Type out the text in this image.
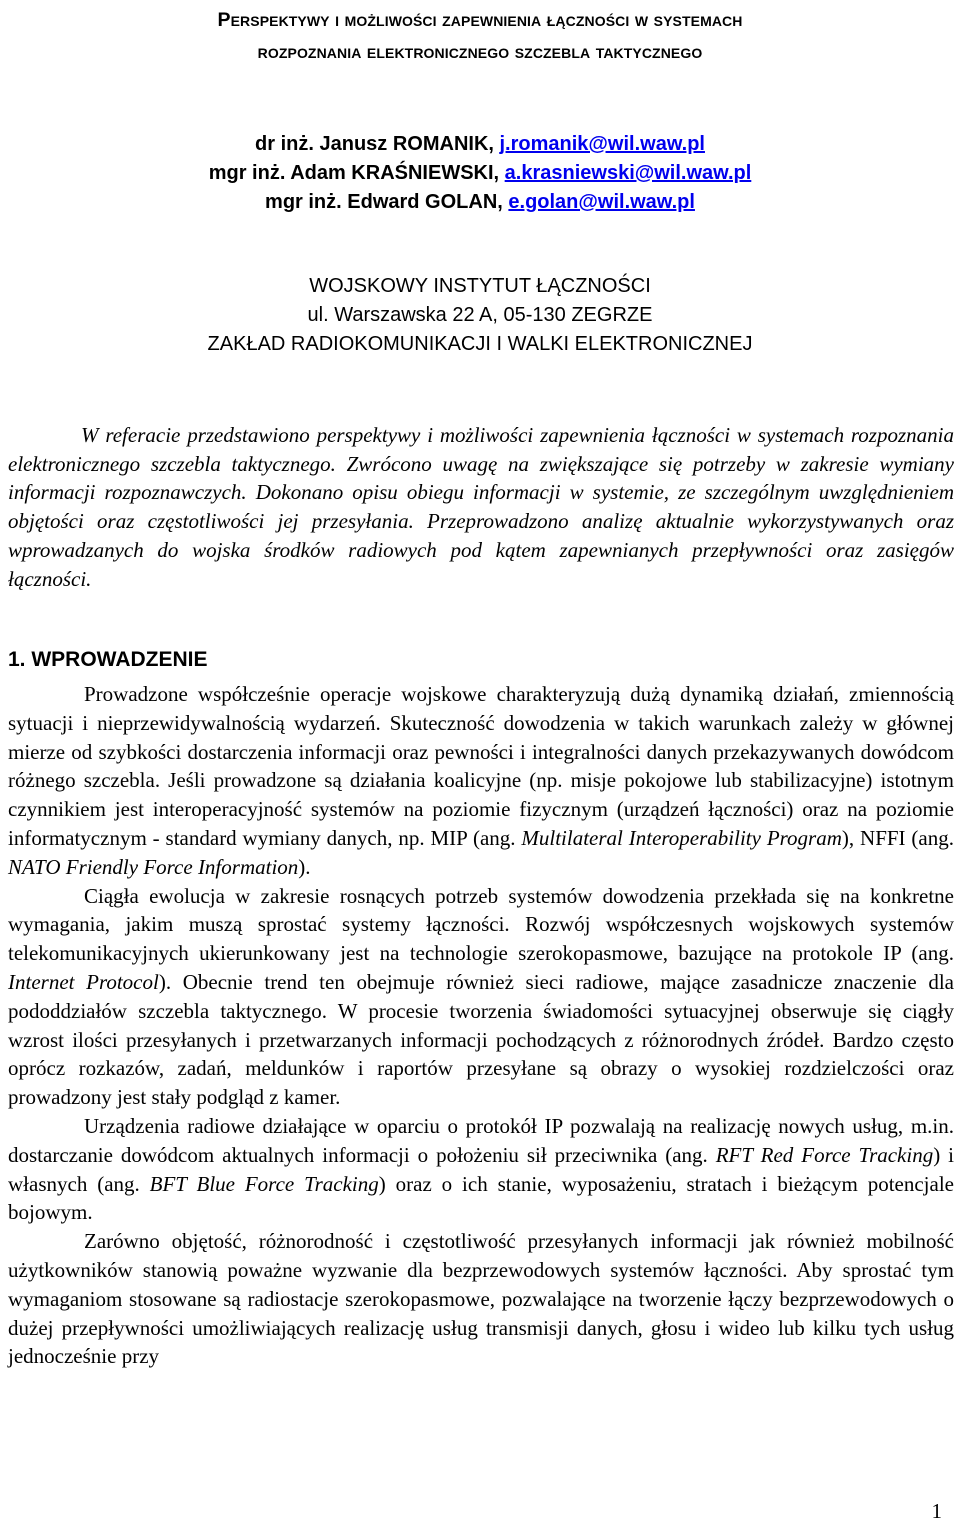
Perspektywy i możliwości zapewnienia łączności w systemach
rozpoznania elektronicznego szczebla taktycznego
dr inż. Janusz ROMANIK, j.romanik@wil.waw.pl
mgr inż. Adam KRAŚNIEWSKI, a.krasniewski@wil.waw.pl
mgr inż. Edward GOLAN, e.golan@wil.waw.pl
WOJSKOWY INSTYTUT ŁĄCZNOŚCI
ul. Warszawska 22 A, 05-130 ZEGRZE
ZAKŁAD RADIOKOMUNIKACJI I WALKI ELEKTRONICZNEJ
W referacie przedstawiono perspektywy i możliwości zapewnienia łączności w systemach rozpoznania elektronicznego szczebla taktycznego. Zwrócono uwagę na zwiększające się potrzeby w zakresie wymiany informacji rozpoznawczych. Dokonano opisu obiegu informacji w systemie, ze szczególnym uwzględnieniem objętości oraz częstotliwości jej przesyłania. Przeprowadzono analizę aktualnie wykorzystywanych oraz wprowadzanych do wojska środków radiowych pod kątem zapewnianych przepływności oraz zasięgów łączności.
1. WPROWADZENIE

Prowadzone współcześnie operacje wojskowe charakteryzują dużą dynamiką działań, zmiennością sytuacji i nieprzewidywalnością wydarzeń. Skuteczność dowodzenia w takich warunkach zależy w głównej mierze od szybkości dostarczenia informacji oraz pewności i integralności danych przekazywanych dowódcom różnego szczebla. Jeśli prowadzone są działania koalicyjne (np. misje pokojowe lub stabilizacyjne) istotnym czynnikiem jest interoperacyjność systemów na poziomie fizycznym (urządzeń łączności) oraz na poziomie informatycznym - standard wymiany danych, np. MIP (ang. Multilateral Interoperability Program), NFFI (ang. NATO Friendly Force Information).

Ciągła ewolucja w zakresie rosnących potrzeb systemów dowodzenia przekłada się na konkretne wymagania, jakim muszą sprostać systemy łączności. Rozwój współczesnych wojskowych systemów telekomunikacyjnych ukierunkowany jest na technologie szerokopasmowe, bazujące na protokole IP (ang. Internet Protocol). Obecnie trend ten obejmuje również sieci radiowe, mające zasadnicze znaczenie dla pododdziałów szczebla taktycznego. W procesie tworzenia świadomości sytuacyjnej obserwuje się ciągły wzrost ilości przesyłanych i przetwarzanych informacji pochodzących z różnorodnych źródeł. Bardzo często oprócz rozkazów, zadań, meldunków i raportów przesyłane są obrazy o wysokiej rozdzielczości oraz prowadzony jest stały podgląd z kamer.

Urządzenia radiowe działające w oparciu o protokół IP pozwalają na realizację nowych usług, m.in. dostarczanie dowódcom aktualnych informacji o położeniu sił przeciwnika (ang. RFT Red Force Tracking) i własnych (ang. BFT Blue Force Tracking) oraz o ich stanie, wyposażeniu, stratach i bieżącym potencjale bojowym.

Zarówno objętość, różnorodność i częstotliwość przesyłanych informacji jak również mobilność użytkowników stanowią poważne wyzwanie dla bezprzewodowych systemów łączności. Aby sprostać tym wymaganiom stosowane są radiostacje szerokopasmowe, pozwalające na tworzenie łączy bezprzewodowych o dużej przepływności umożliwiających realizację usług transmisji danych, głosu i wideo lub kilku tych usług jednocześnie przy

1
